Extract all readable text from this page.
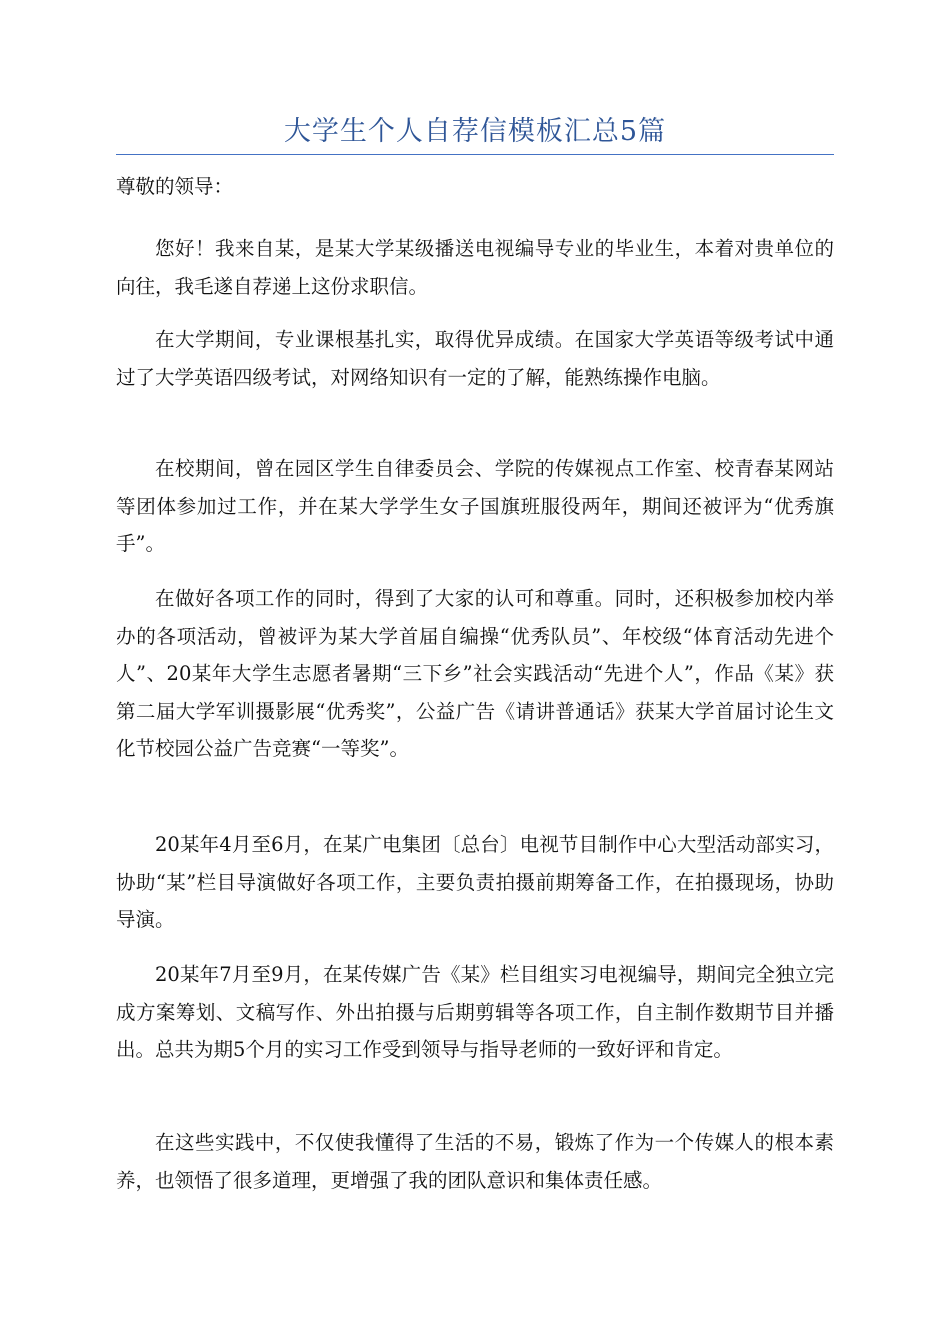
大学生个人自荐信模板汇总5篇

尊敬的领导：

您好！我来自某，是某大学某级播送电视编导专业的毕业生，本着对贵单位的向往，我毛遂自荐递上这份求职信。

在大学期间，专业课根基扎实，取得优异成绩。在国家大学英语等级考试中通过了大学英语四级考试，对网络知识有一定的了解，能熟练操作电脑。

在校期间，曾在园区学生自律委员会、学院的传媒视点工作室、校青春某网站等团体参加过工作，并在某大学学生女子国旗班服役两年，期间还被评为“优秀旗手”。

在做好各项工作的同时，得到了大家的认可和尊重。同时，还积极参加校内举办的各项活动，曾被评为某大学首届自编操“优秀队员”、年校级“体育活动先进个人”、20某年大学生志愿者暑期“三下乡”社会实践活动“先进个人”，作品《某》获第二届大学军训摄影展“优秀奖”，公益广告《请讲普通话》获某大学首届讨论生文化节校园公益广告竞赛“一等奖”。

20某年4月至6月，在某广电集团〔总台〕电视节目制作中心大型活动部实习，协助“某”栏目导演做好各项工作，主要负责拍摄前期筹备工作，在拍摄现场，协助导演。

20某年7月至9月，在某传媒广告《某》栏目组实习电视编导，期间完全独立完成方案筹划、文稿写作、外出拍摄与后期剪辑等各项工作，自主制作数期节目并播出。总共为期5个月的实习工作受到领导与指导老师的一致好评和肯定。

在这些实践中，不仅使我懂得了生活的不易，锻炼了作为一个传媒人的根本素养，也领悟了很多道理，更增强了我的团队意识和集体责任感。
